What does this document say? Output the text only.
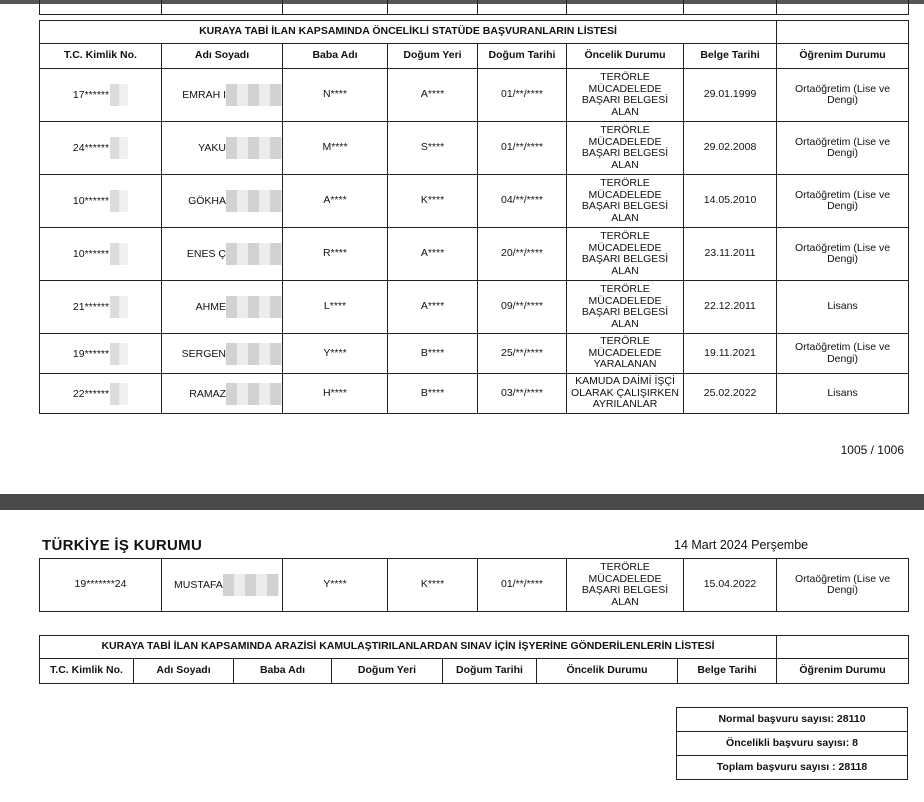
KURAYA TABİ İLAN KAPSAMINDA ÖNCELİKLİ STATÜDE BAŞVURANLARIN LİSTESİ							
T.C. Kimlik No.	Adı Soyadı	Baba Adı	Doğum Yeri	Doğum Tarihi	Öncelik Durumu	Belge Tarihi	Öğrenim Durumu
17******	EMRAH I	N****	A****	01/**/****	TERÖRLE MÜCADELEDE BAŞARI BELGESİ ALAN	29.01.1999	Ortaöğretim (Lise ve Dengi)
24******	YAKU	M****	S****	01/**/****	TERÖRLE MÜCADELEDE BAŞARI BELGESİ ALAN	29.02.2008	Ortaöğretim (Lise ve Dengi)
10******	GÖKHA	A****	K****	04/**/****	TERÖRLE MÜCADELEDE BAŞARI BELGESİ ALAN	14.05.2010	Ortaöğretim (Lise ve Dengi)
10******	ENES Ç	R****	A****	20/**/****	TERÖRLE MÜCADELEDE BAŞARI BELGESİ ALAN	23.11.2011	Ortaöğretim (Lise ve Dengi)
21******	AHME	L****	A****	09/**/****	TERÖRLE MÜCADELEDE BAŞARI BELGESİ ALAN	22.12.2011	Lisans
19******	SERGEN	Y****	B****	25/**/****	TERÖRLE MÜCADELEDE YARALANAN	19.11.2021	Ortaöğretim (Lise ve Dengi)
22******	RAMAZ	H****	B****	03/**/****	KAMUDA DAİMİ İŞÇİ OLARAK ÇALIŞIRKEN AYRILANLAR	25.02.2022	Lisans
1005 / 1006
TÜRKİYE İŞ KURUMU	14 Mart 2024 Perşembe
19*******24	MUSTAFA	Y****	K****	01/**/****	TERÖRLE MÜCADELEDE BAŞARI BELGESİ ALAN	15.04.2022	Ortaöğretim (Lise ve Dengi)
KURAYA TABİ İLAN KAPSAMINDA ARAZİSİ KAMULAŞTIRILANLARDAN SINAV İÇİN İŞYERİNE GÖNDERİLENLERİN LİSTESİ							
T.C. Kimlik No.	Adı Soyadı	Baba Adı	Doğum Yeri	Doğum Tarihi	Öncelik Durumu	Belge Tarihi	Öğrenim Durumu
Normal başvuru sayısı: 28110
Öncelikli başvuru sayısı: 8
Toplam başvuru sayısı : 28118
